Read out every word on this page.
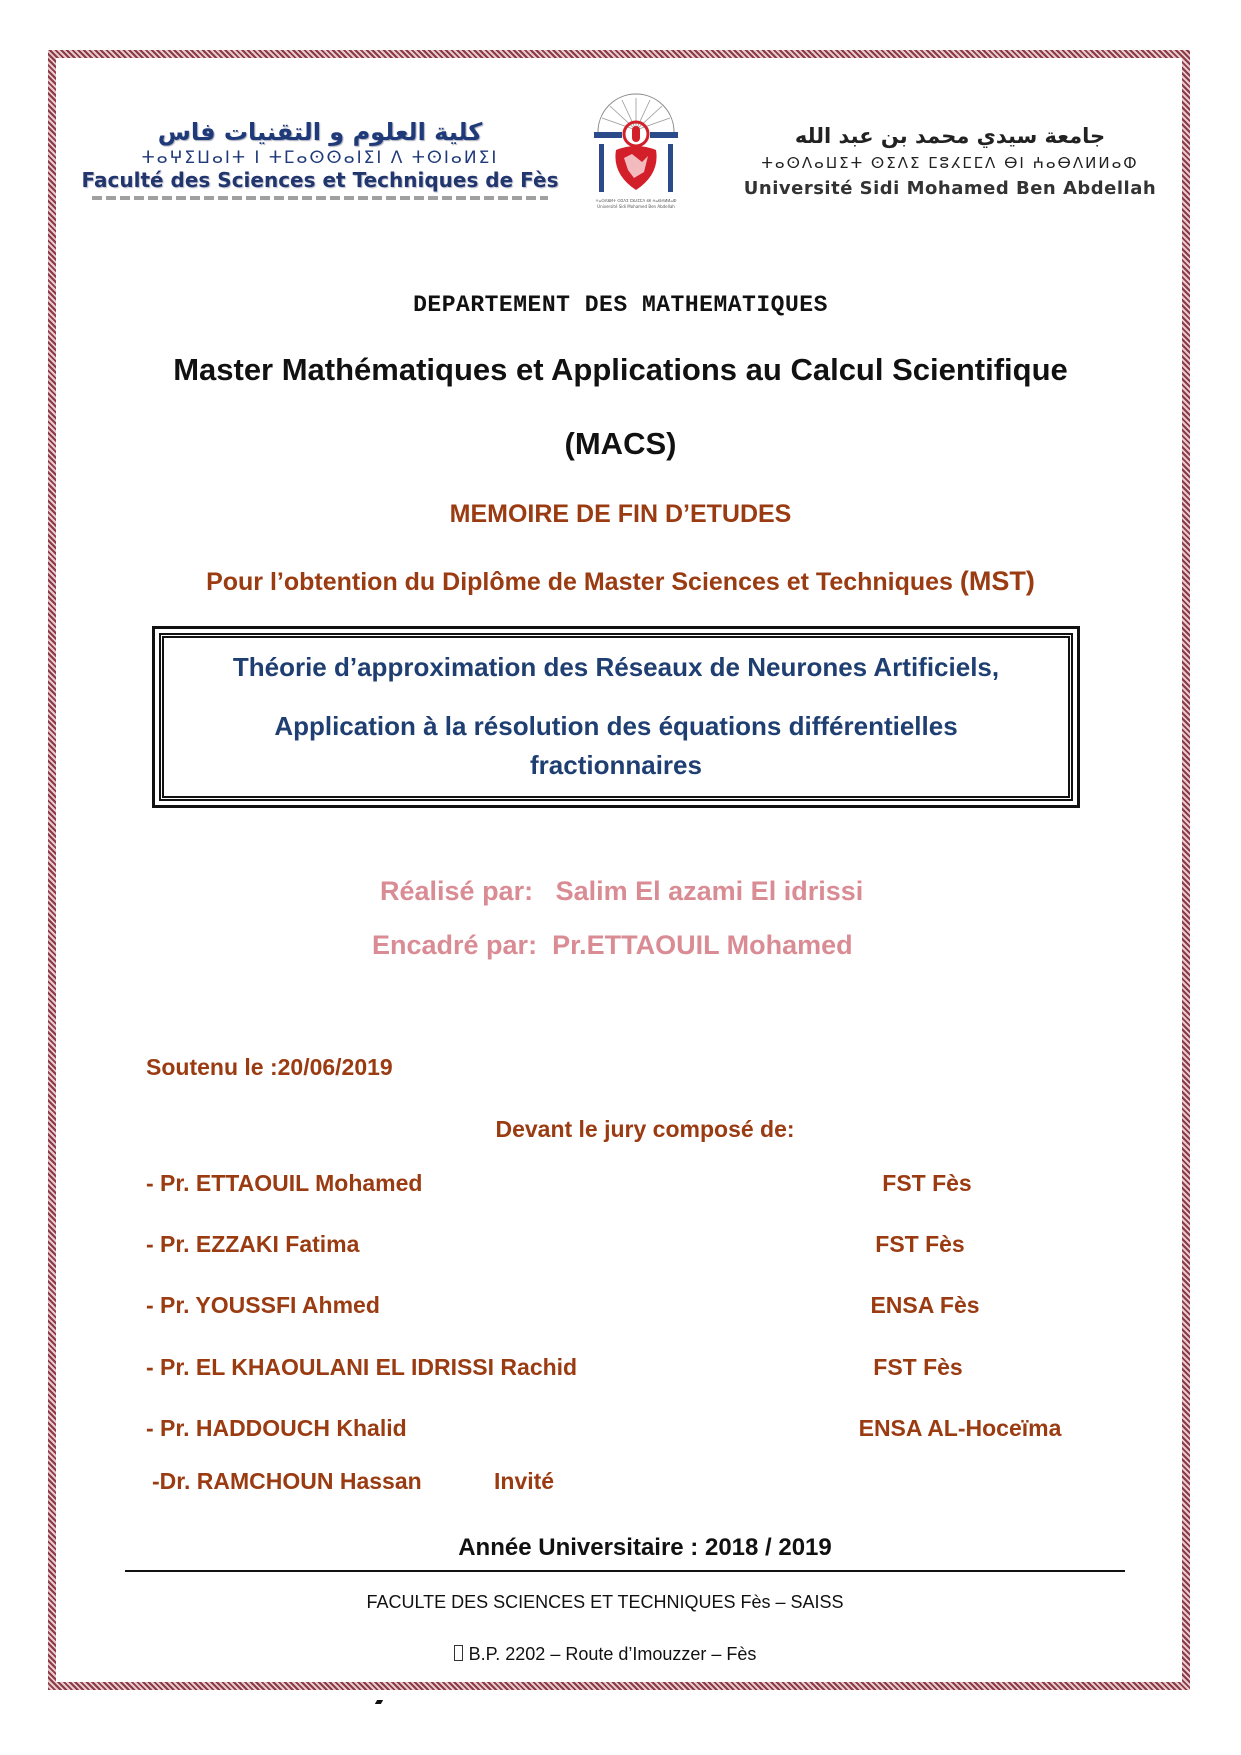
كلية العلوم و التقنيات فاس
ⵜⴰⵖⵉⵡⴰⵏⵜ ⵏ ⵜⵎⴰⵙⵙⴰⵏⵉⵏ ⴷ ⵜⵙⵏⴰⵍⵉⵏ
Faculté des Sciences et Techniques de Fès
ⵜⴰⵙⴷⵓⵍⵜ ⵙⵉⴷⵉ ⵎⵓⵃⵎⵎⴷ ⴱⵏ ⵄⴰⴱⴷⵍⵍⴰⵀ
Université Sidi Mohamed Ben Abdellah
جامعة سيدي محمد بن عبد الله
ⵜⴰⵙⴷⴰⵡⵉⵜ ⵙⵉⴷⵉ ⵎⵓⵃⵎⵎⴷ ⴱⵏ ⵄⴰⴱⴷⵍⵍⴰⵀ
Université Sidi Mohamed Ben Abdellah
DEPARTEMENT DES MATHEMATIQUES
Master Mathématiques et Applications au Calcul Scientifique
(MACS)
MEMOIRE DE FIN D’ETUDES
Pour l’obtention du Diplôme de Master Sciences et Techniques (MST)
Théorie d’approximation des Réseaux de Neurones Artificiels,
Application à la résolution des équations différentielles
fractionnaires
Réalisé par: Salim El azami El idrissi
Encadré par: Pr.ETTAOUIL Mohamed
Soutenu le :20/06/2019
Devant le jury composé de:
- Pr. ETTAOUIL Mohamed	FST Fès
- Pr. EZZAKI Fatima	FST Fès
- Pr. YOUSSFI Ahmed	ENSA Fès
- Pr. EL KHAOULANI EL IDRISSI Rachid	FST Fès
- Pr. HADDOUCH Khalid	ENSA AL-Hoceïma
-Dr. RAMCHOUN Hassan	Invité
Année Universitaire : 2018 / 2019
FACULTE DES SCIENCES ET TECHNIQUES Fès – SAISS
B.P. 2202 – Route d’Imouzzer – Fès
